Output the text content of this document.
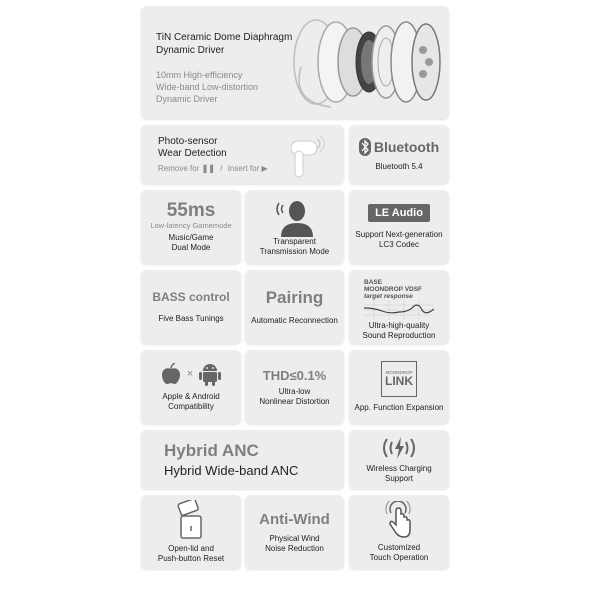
TiN Ceramic Dome Diaphragm
Dynamic Driver
10mm High-efficiency
Wide-band Low-distortion
Dynamic Driver
Photo-sensor
Wear Detection
Remove for ❚❚ / Insert for ▶
Bluetooth
Bluetooth 5.4
55ms
Low-latency Gamemode
Music/Game
Dual Mode
Transparent
Transmission Mode
LE Audio
Support Next-generation
LC3 Codec
BASS control
Five Bass Tunings
Pairing
Automatic Reconnection
BASE
MOONDROP VDSF
target response
Ultra-high-quality
Sound Reproduction
×
Apple & Android
Compatibility
THD≤0.1%
Ultra-low
Nonlinear Distortion
MOONDROP
LINK
App. Function Expansion
Hybrid ANC
Hybrid Wide-band ANC	Wireless Charging
Support
Open-lid and
Push-button Reset
Anti-Wind
Physical Wind
Noise Reduction	Customized
Touch Operation
